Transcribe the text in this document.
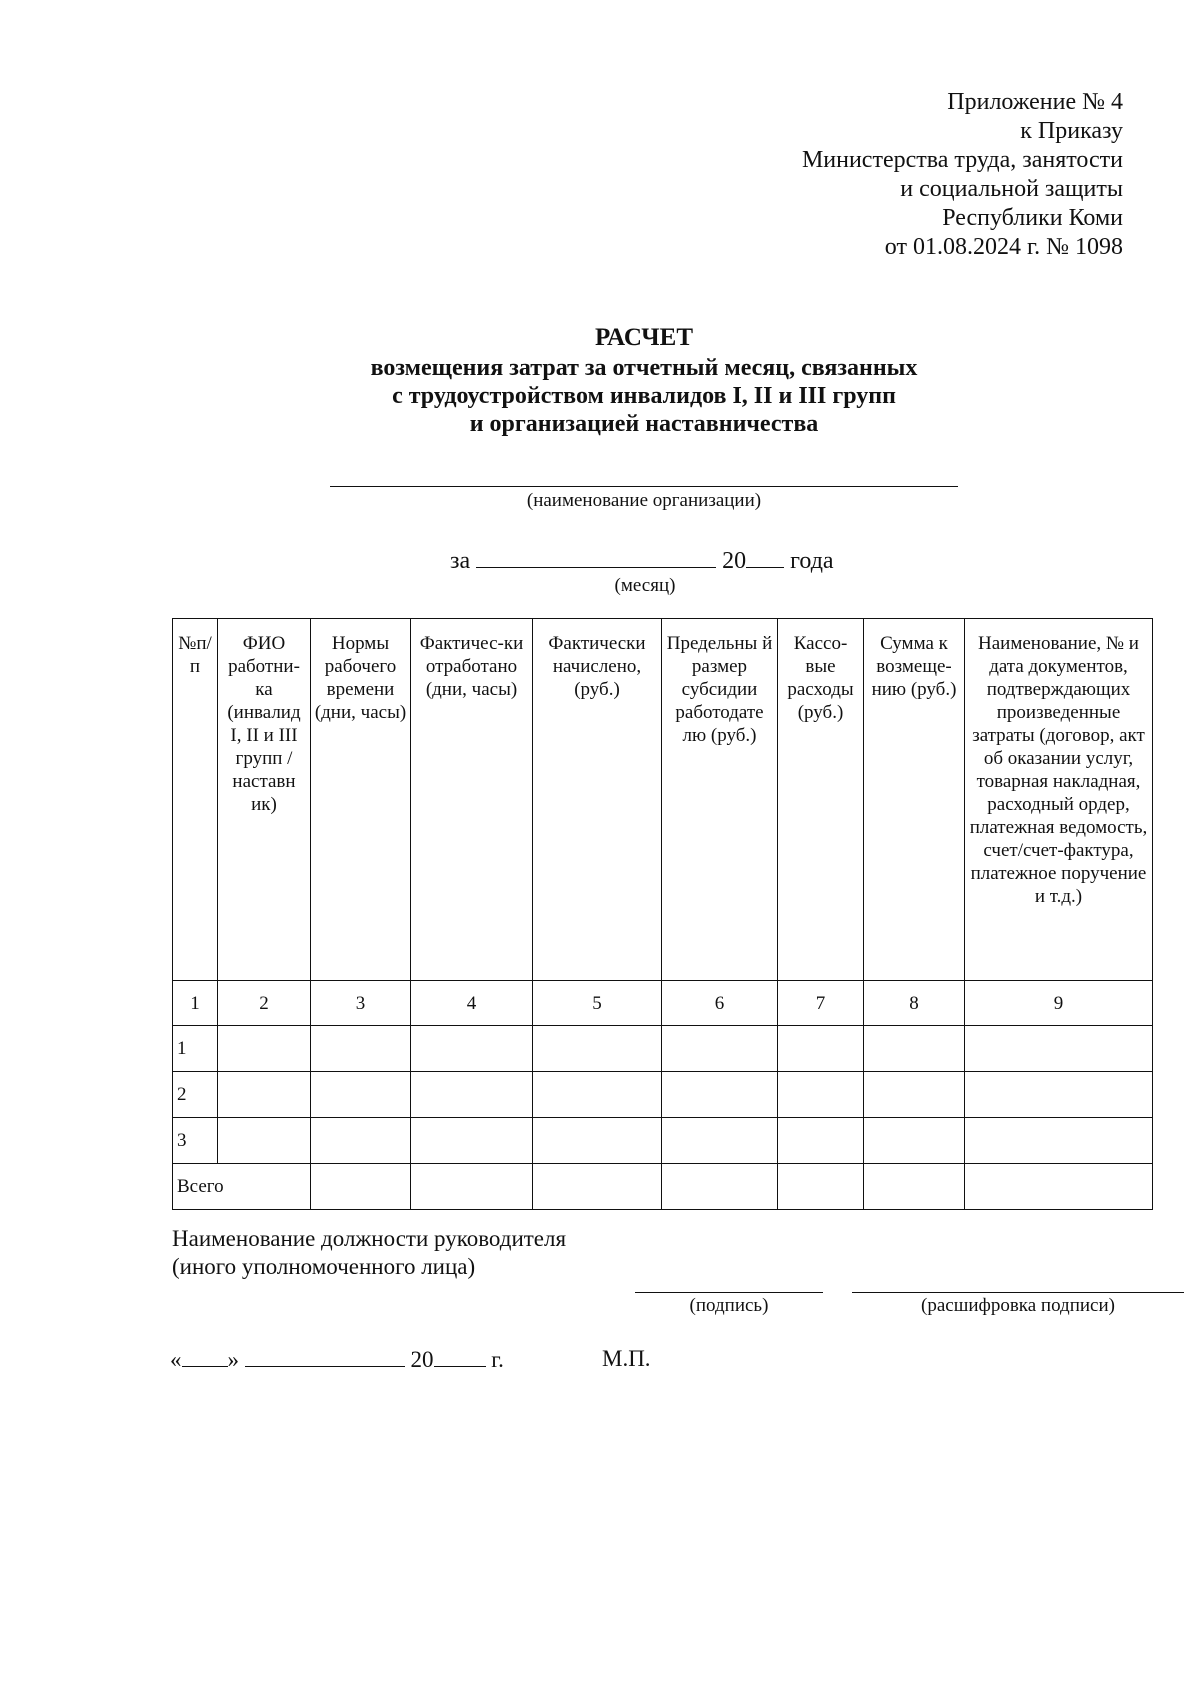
Приложение № 4
к Приказу
Министерства труда, занятости
и социальной защиты
Республики Коми
от 01.08.2024 г. № 1098
РАСЧЕТ
возмещения затрат за отчетный месяц, связанных
с трудоустройством инвалидов I, II и III групп
и организацией наставничества
(наименование организации)
за	20 года
(месяц)
№п/п	ФИО работни-ка (инвалид I, II и III групп /наставн ик)	Нормы рабочего времени (дни, часы)	Фактичес-ки отработано (дни, часы)	Фактически начислено, (руб.)	Предельны й размер субсидии работодате лю (руб.)	Кассо-вые расходы (руб.)	Сумма к возмеще-нию (руб.)	Наименование, № и дата документов, подтверждающих произведенные затраты (договор, акт об оказании услуг, товарная накладная, расходный ордер, платежная ведомость, счет/счет-фактура, платежное поручение и т.д.)
1	2	3	4	5	6	7	8	9
1								
2								
3								
Всего								
Наименование должности руководителя
(иного уполномоченного лица)
(подпись)	(расшифровка подписи)
« »	20	г.	М.П.
